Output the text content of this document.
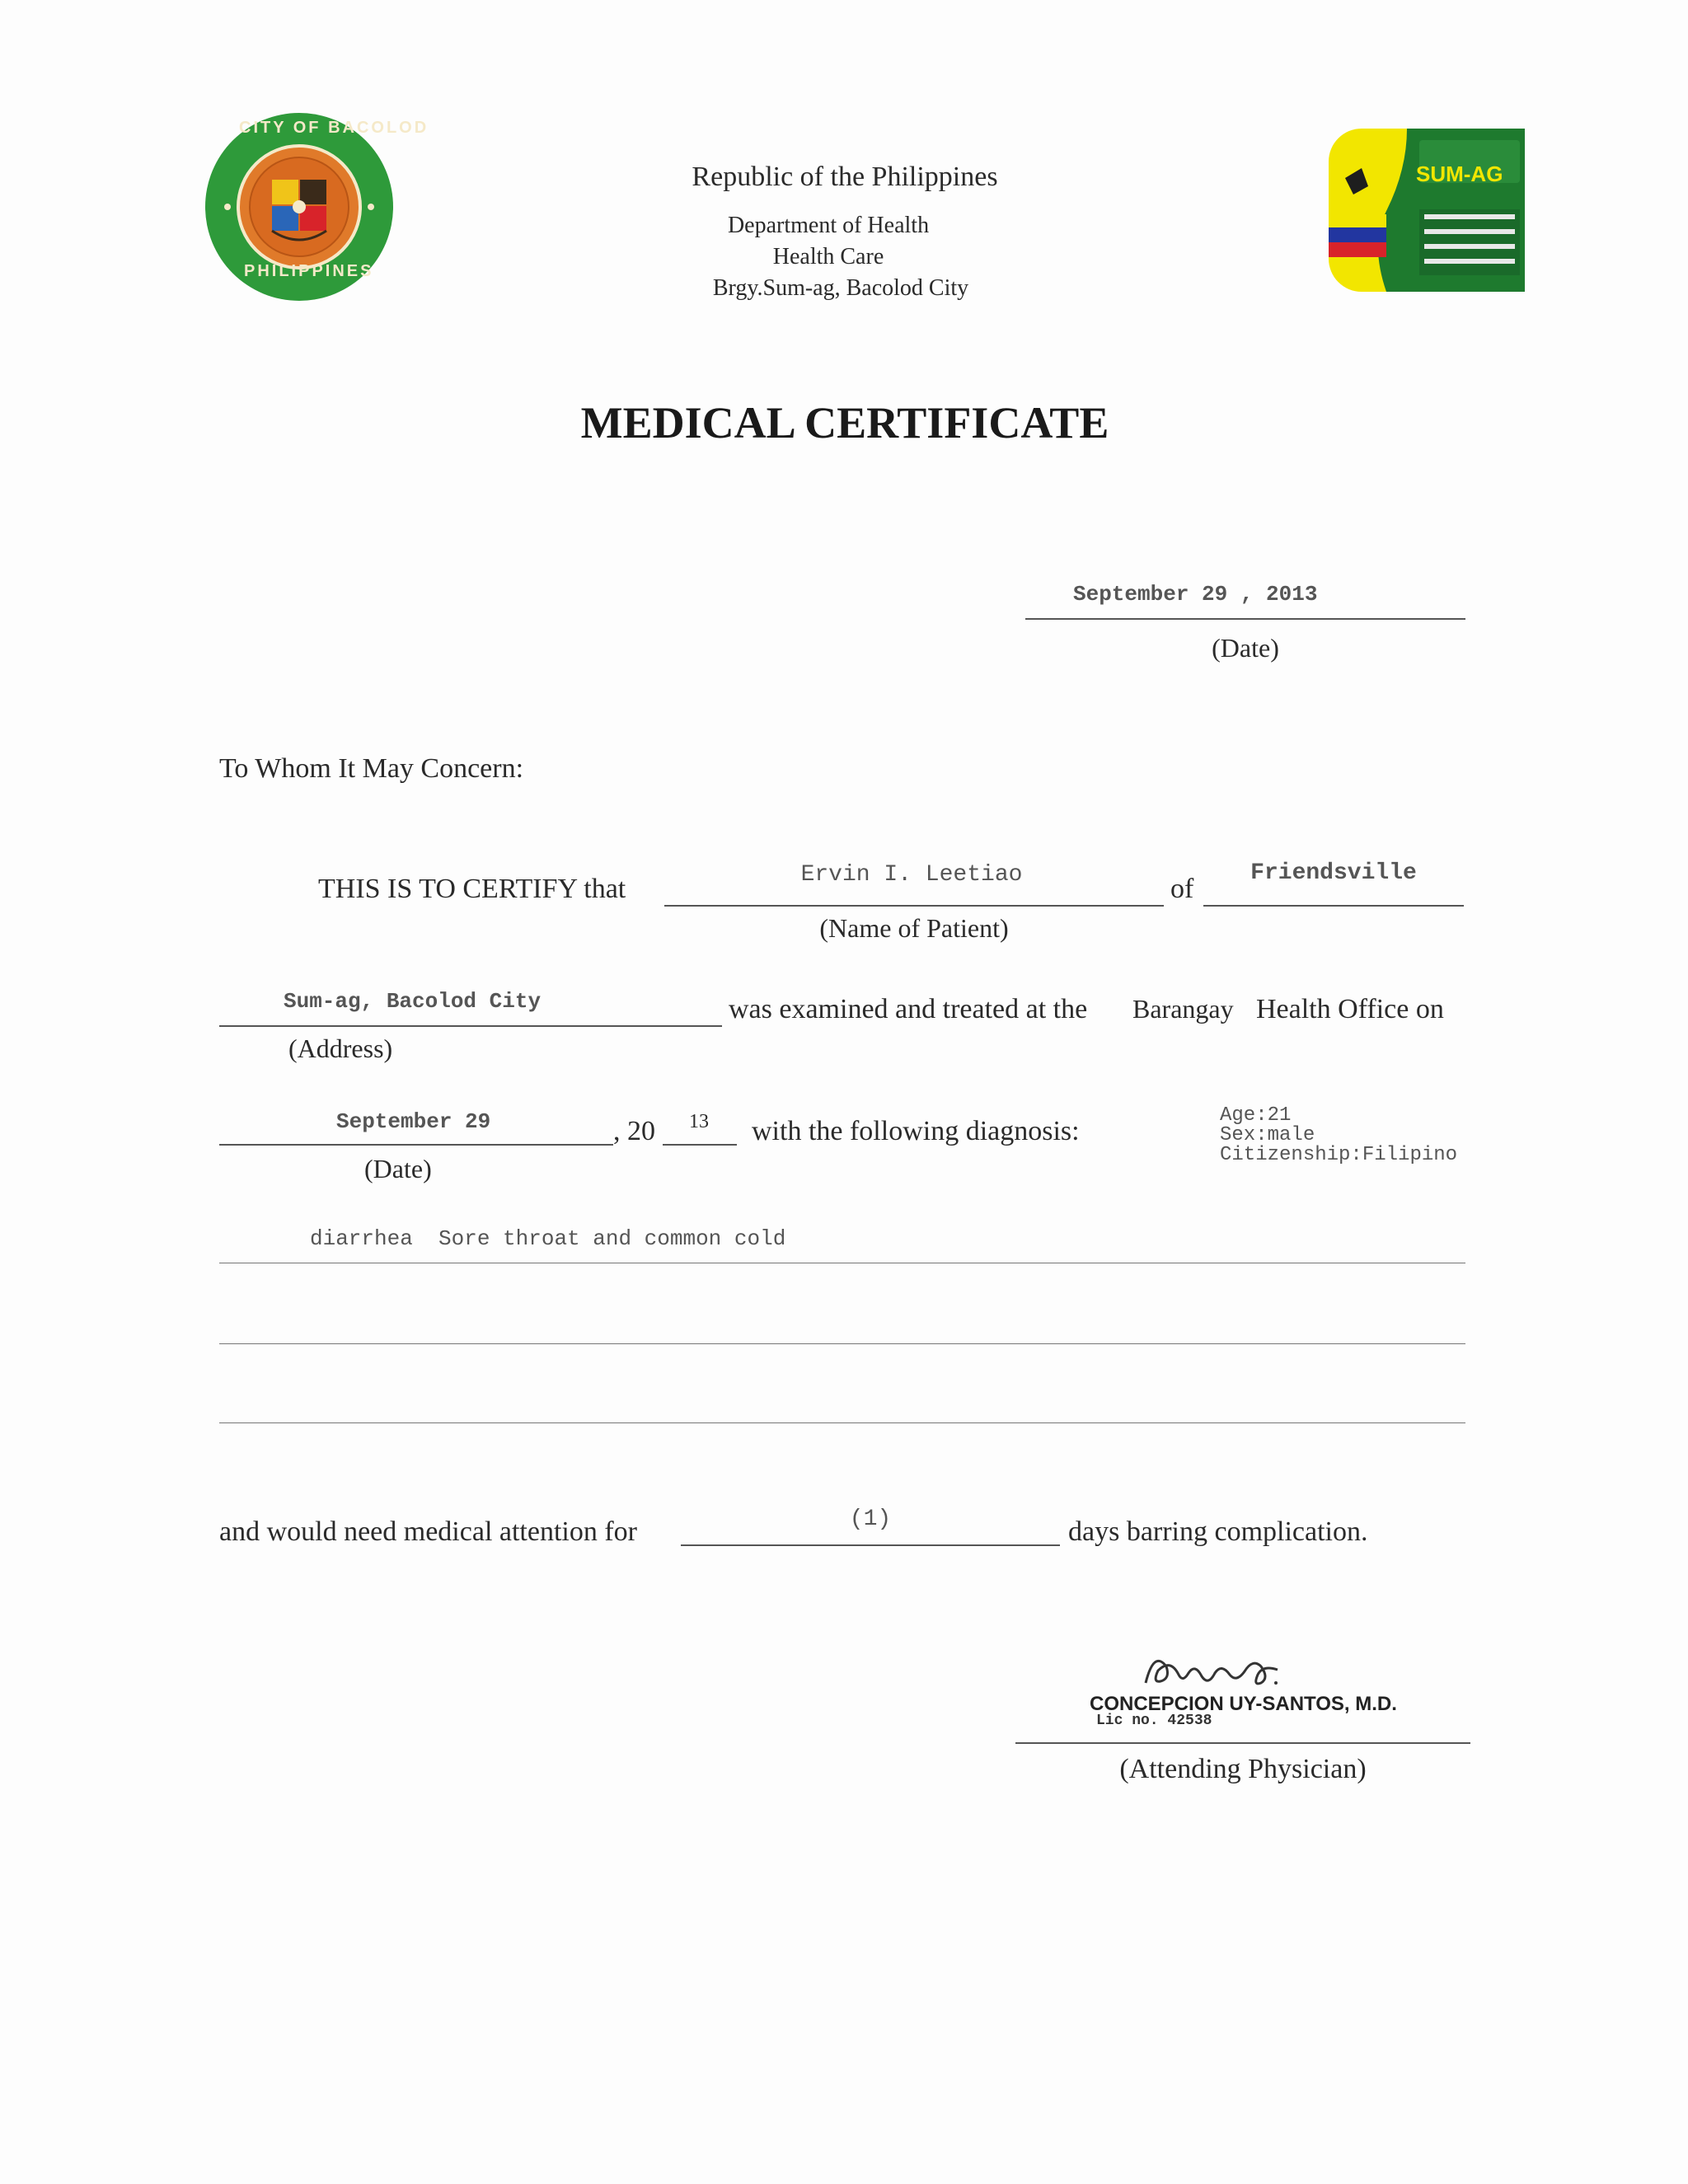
CITY OF BACOLOD
PHILIPPINES
Republic of the Philippines
Department of Health
Health Care
Brgy.Sum-ag, Bacolod City
SUM-AG
MEDICAL CERTIFICATE
September 29 , 2013
(Date)
To Whom It May Concern:
THIS IS TO CERTIFY that	Ervin I. Leetiao	of
Friendsville
(Name of Patient)
Sum-ag, Bacolod City	was examined and treated at the Barangay Health Office on
(Address)
September 29	, 20	13	with the following diagnosis:
(Date)
Age:21
Sex:male
Citizenship:Filipino
diarrhea  Sore throat and common cold
and would need medical attention for	(1)	days barring complication.
CONCEPCION UY-SANTOS, M.D.
Lic no. 42538
(Attending Physician)
